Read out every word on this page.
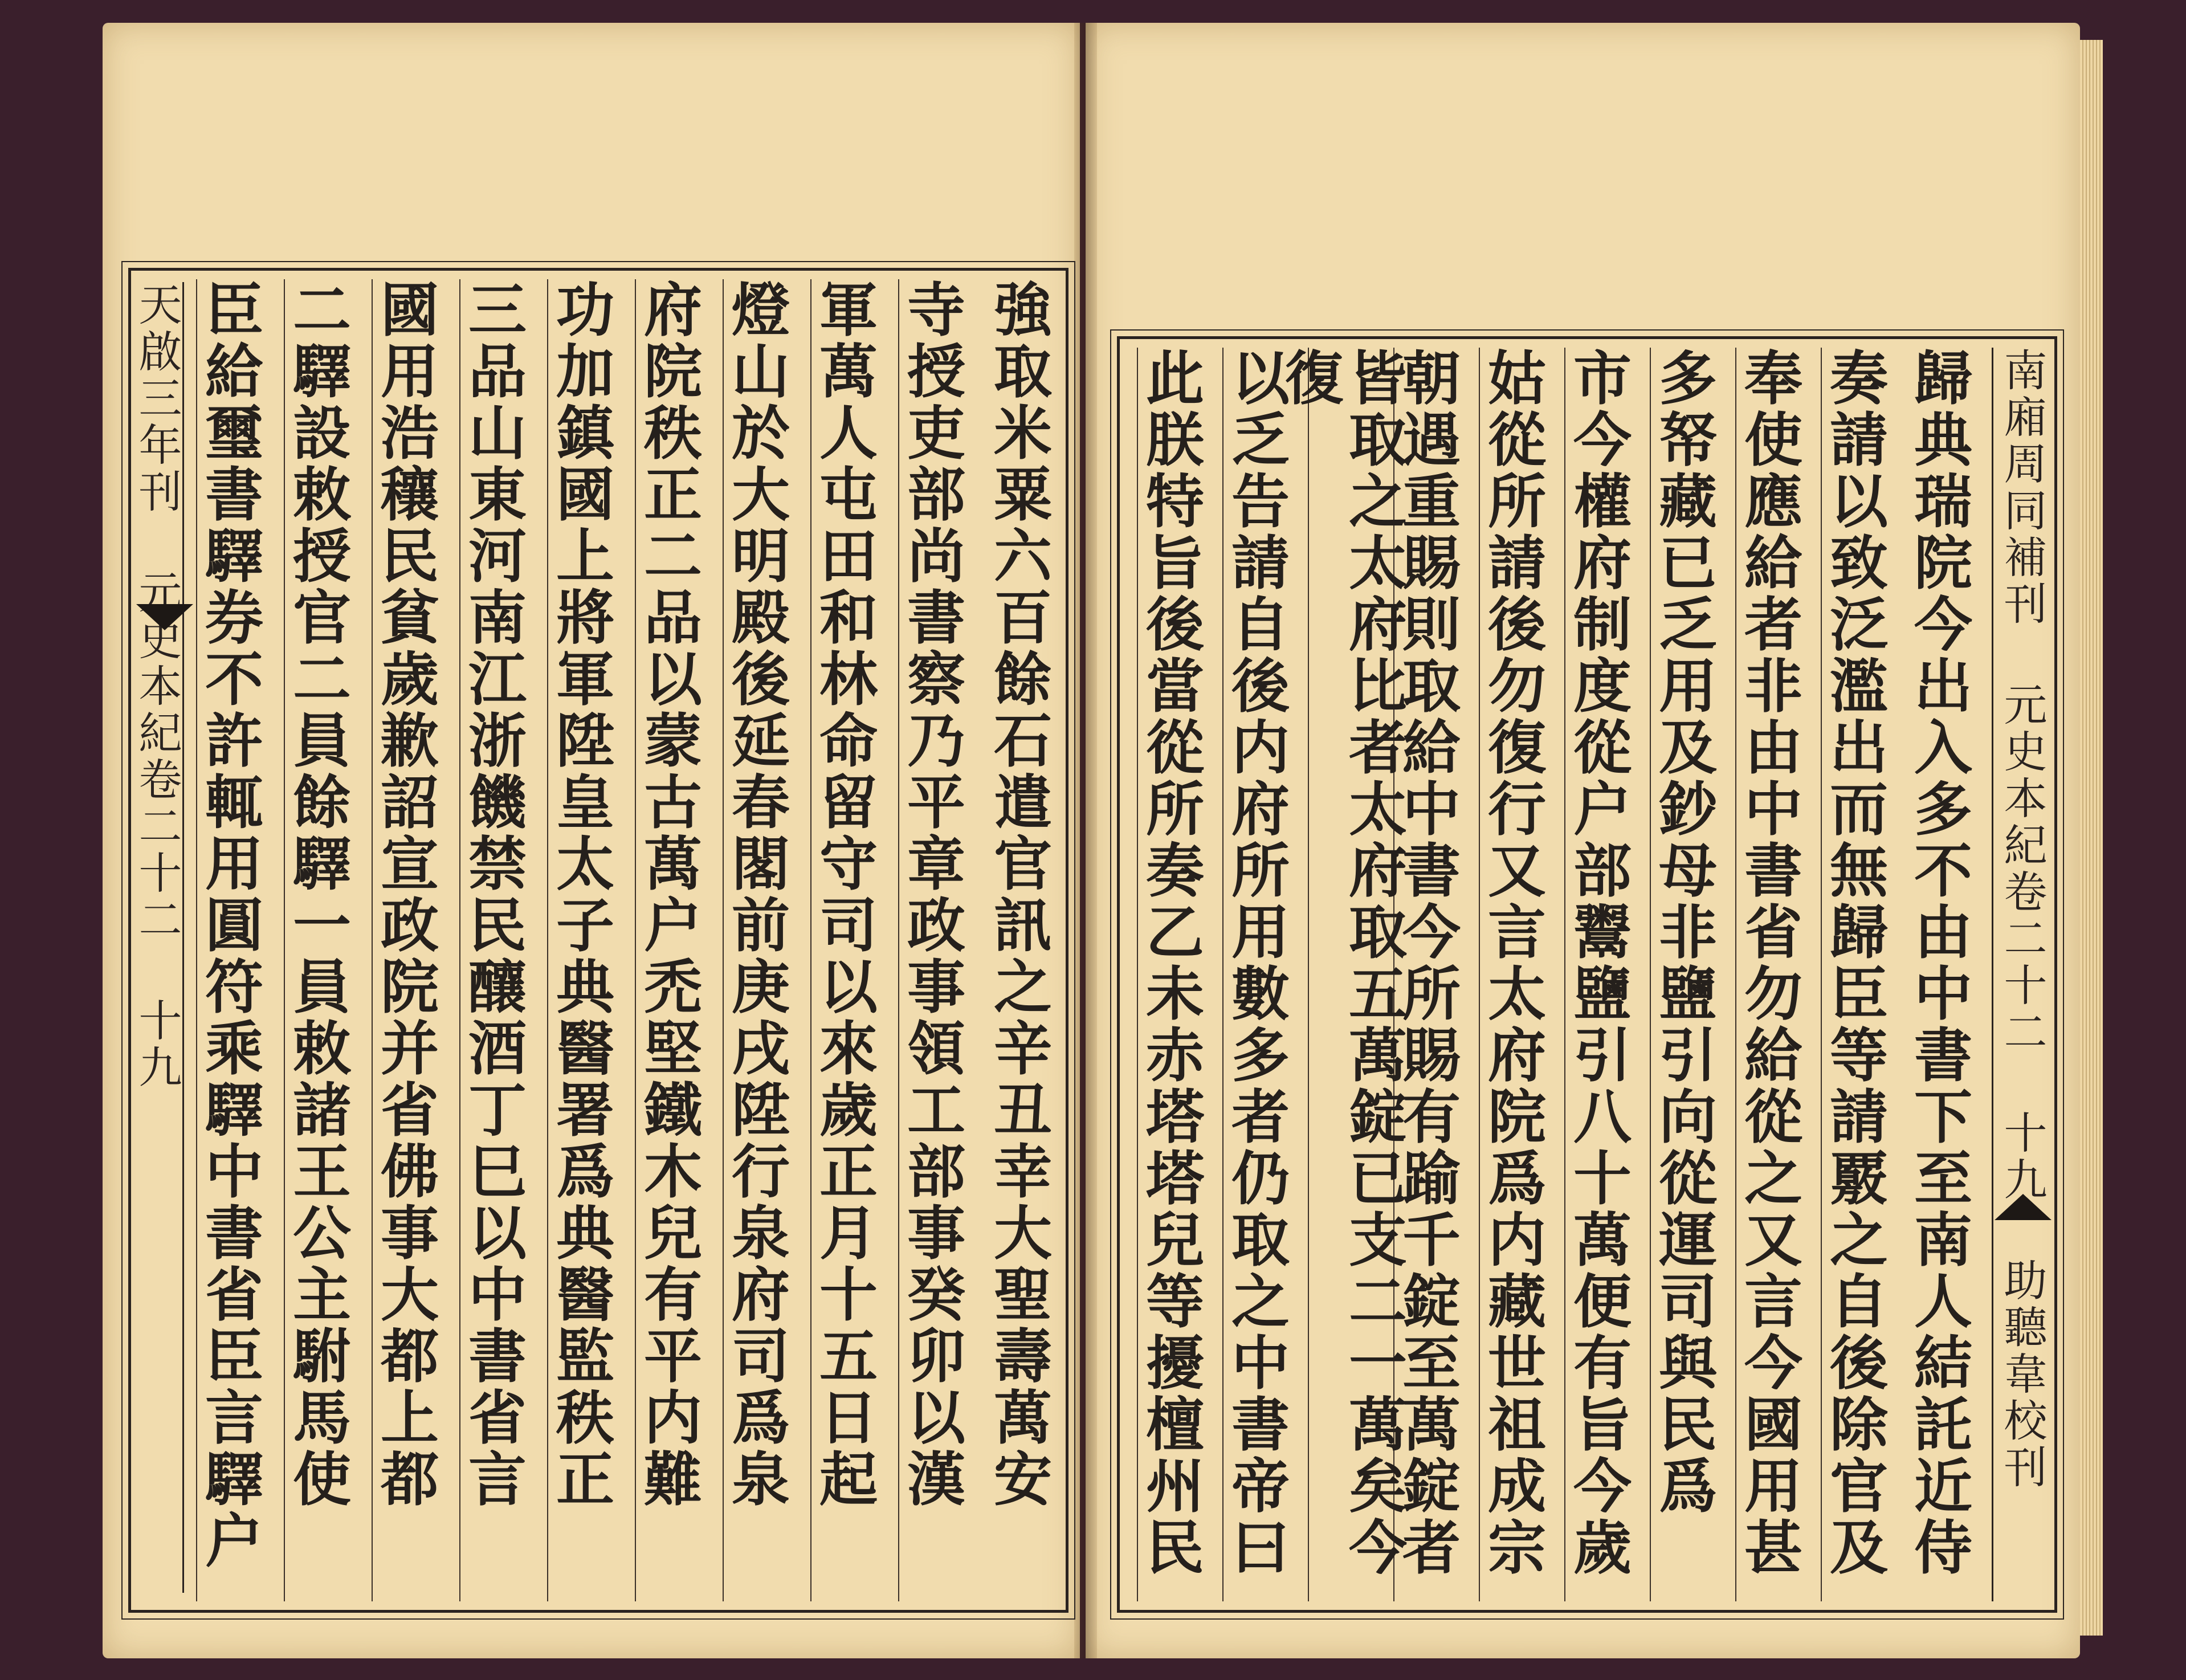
天啟三年刊 元史本紀卷二十二 十九	強取米粟六百餘石遣官訊之辛丑幸大聖壽萬安
寺授吏部尚書察乃平章政事領工部事癸卯以漢
軍萬人屯田和林命留守司以來歲正月十五日起
燈山於大明殿後延春閣前庚戌陞行泉府司爲泉
府院秩正二品以蒙古萬户禿堅鐵木兒有平内難
功加鎮國上將軍陞皇太子典醫署爲典醫監秩正
三品山東河南江浙饑禁民釀酒丁巳以中書省言
國用浩穰民貧歲歉詔宣政院并省佛事大都上都
二驛設敕授官二員餘驛一員敕諸王公主駙馬使
臣給璽書驛券不許輒用圓符乘驛中書省臣言驛户	南廂周同補刊 元史本紀卷二十二 十九 助聽韋校刊
歸典瑞院今出入多不由中書下至南人結託近侍
奏請以致泛濫出而無歸臣等請覈之自後除官及
奉使應給者非由中書省勿給從之又言今國用甚
多帑藏已乏用及鈔母非鹽引向從運司與民爲
市今權府制度從户部鬻鹽引八十萬便有旨今歲
姑從所請後勿復行又言太府院爲内藏世祖成宗
朝遇重賜則取給中書今所賜有踰千錠至萬錠者
皆取之太府比者太府取五萬錠已支二一萬矣今復
以乏告請自後内府所用數多者仍取之中書帝曰
此朕特旨後當從所奏乙未赤塔塔兒等擾檀州民
